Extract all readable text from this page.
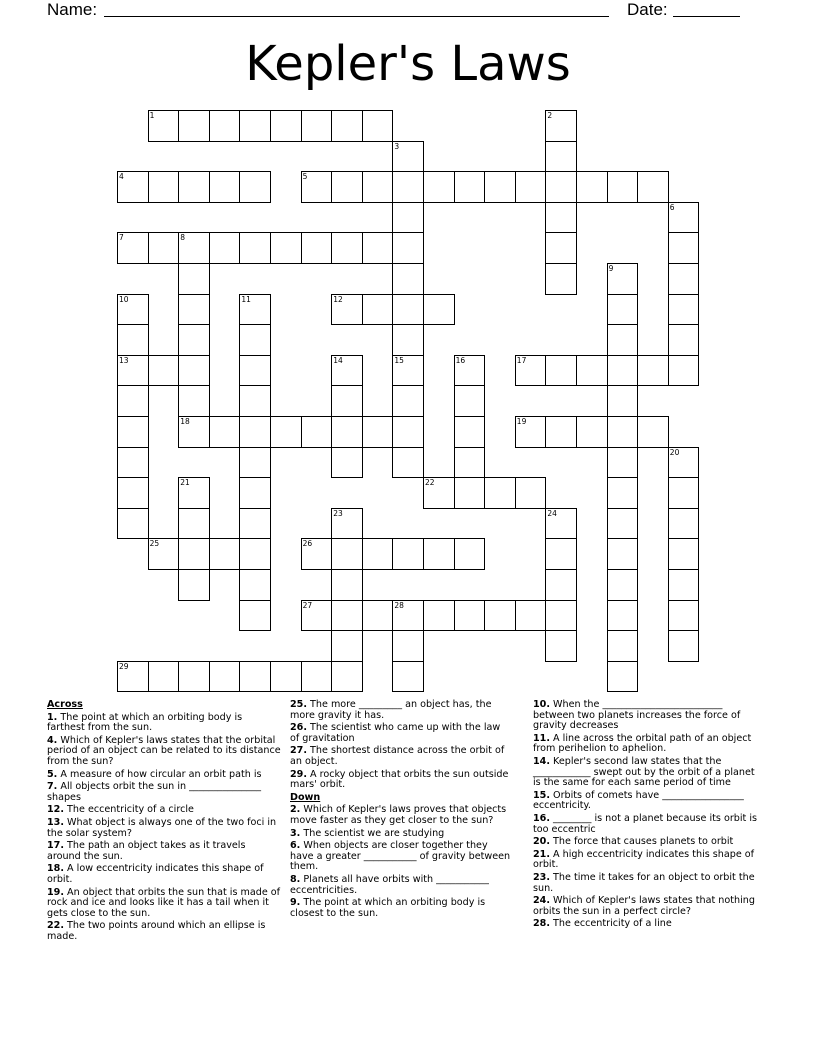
Name:	Date:
Kepler's Laws
1	2
3
4	5
6
7	8
9
10	11	12
13	14	15	16	17
18	19
20
21	22
23	24
25	26
27	28
29
Across
1. The point at which an orbiting body is farthest from the sun.
4. Which of Kepler's laws states that the orbital period of an object can be related to its distance from the sun?
5. A measure of how circular an orbit path is
7. All objects orbit the sun in _______________ shapes
12. The eccentricity of a circle
13. What object is always one of the two foci in the solar system?
17. The path an object takes as it travels around the sun.
18. A low eccentricity indicates this shape of orbit.
19. An object that orbits the sun that is made of rock and ice and looks like it has a tail when it gets close to the sun.
22. The two points around which an ellipse is made.
25. The more _________ an object has, the more gravity it has.
26. The scientist who came up with the law of gravitation
27. The shortest distance across the orbit of an object.
29. A rocky object that orbits the sun outside mars' orbit.
Down
2. Which of Kepler's laws proves that objects move faster as they get closer to the sun?
3. The scientist we are studying
6. When objects are closer together they have a greater ___________ of gravity between them.
8. Planets all have orbits with ___________ eccentricities.
9. The point at which an orbiting body is closest to the sun.
10. When the _________________________ between two planets increases the force of gravity decreases
11. A line across the orbital path of an object from perihelion to aphelion.
14. Kepler's second law states that the ____________ swept out by the orbit of a planet is the same for each same period of time
15. Orbits of comets have _________________ eccentricity.
16. ________ is not a planet because its orbit is too eccentric
20. The force that causes planets to orbit
21. A high eccentricity indicates this shape of orbit.
23. The time it takes for an object to orbit the sun.
24. Which of Kepler's laws states that nothing orbits the sun in a perfect circle?
28. The eccentricity of a line
